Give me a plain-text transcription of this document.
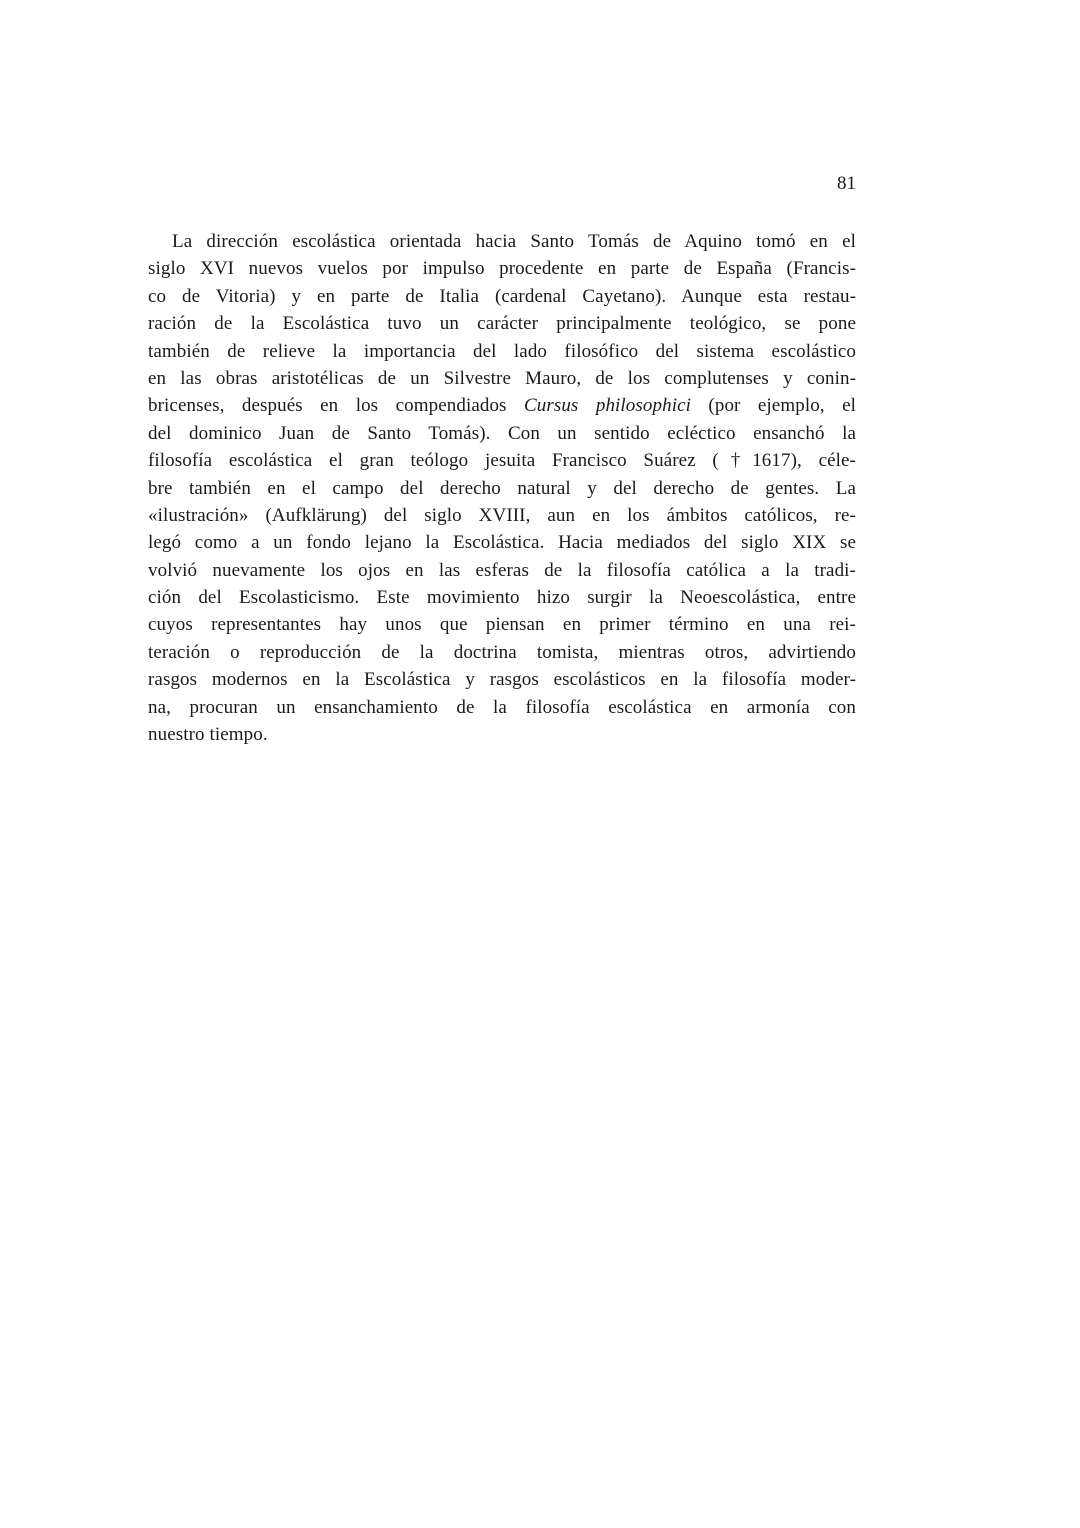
81
La dirección escolástica orientada hacia Santo Tomás de Aquino tomó en el
siglo XVI nuevos vuelos por impulso procedente en parte de España (Francis-
co de Vitoria) y en parte de Italia (cardenal Cayetano). Aunque esta restau-
ración de la Escolástica tuvo un carácter principalmente teológico, se pone
también de relieve la importancia del lado filosófico del sistema escolástico
en las obras aristotélicas de un Silvestre Mauro, de los complutenses y conin-
bricenses, después en los compendiados Cursus philosophici (por ejemplo, el
del dominico Juan de Santo Tomás). Con un sentido ecléctico ensanchó la
filosofía escolástica el gran teólogo jesuita Francisco Suárez (†1617), céle-
bre también en el campo del derecho natural y del derecho de gentes. La
«ilustración» (Aufklärung) del siglo XVIII, aun en los ámbitos católicos, re-
legó como a un fondo lejano la Escolástica. Hacia mediados del siglo XIX se
volvió nuevamente los ojos en las esferas de la filosofía católica a la tradi-
ción del Escolasticismo. Este movimiento hizo surgir la Neoescolástica, entre
cuyos representantes hay unos que piensan en primer término en una rei-
teración o reproducción de la doctrina tomista, mientras otros, advirtiendo
rasgos modernos en la Escolástica y rasgos escolásticos en la filosofía moder-
na, procuran un ensanchamiento de la filosofía escolástica en armonía con
nuestro tiempo.
